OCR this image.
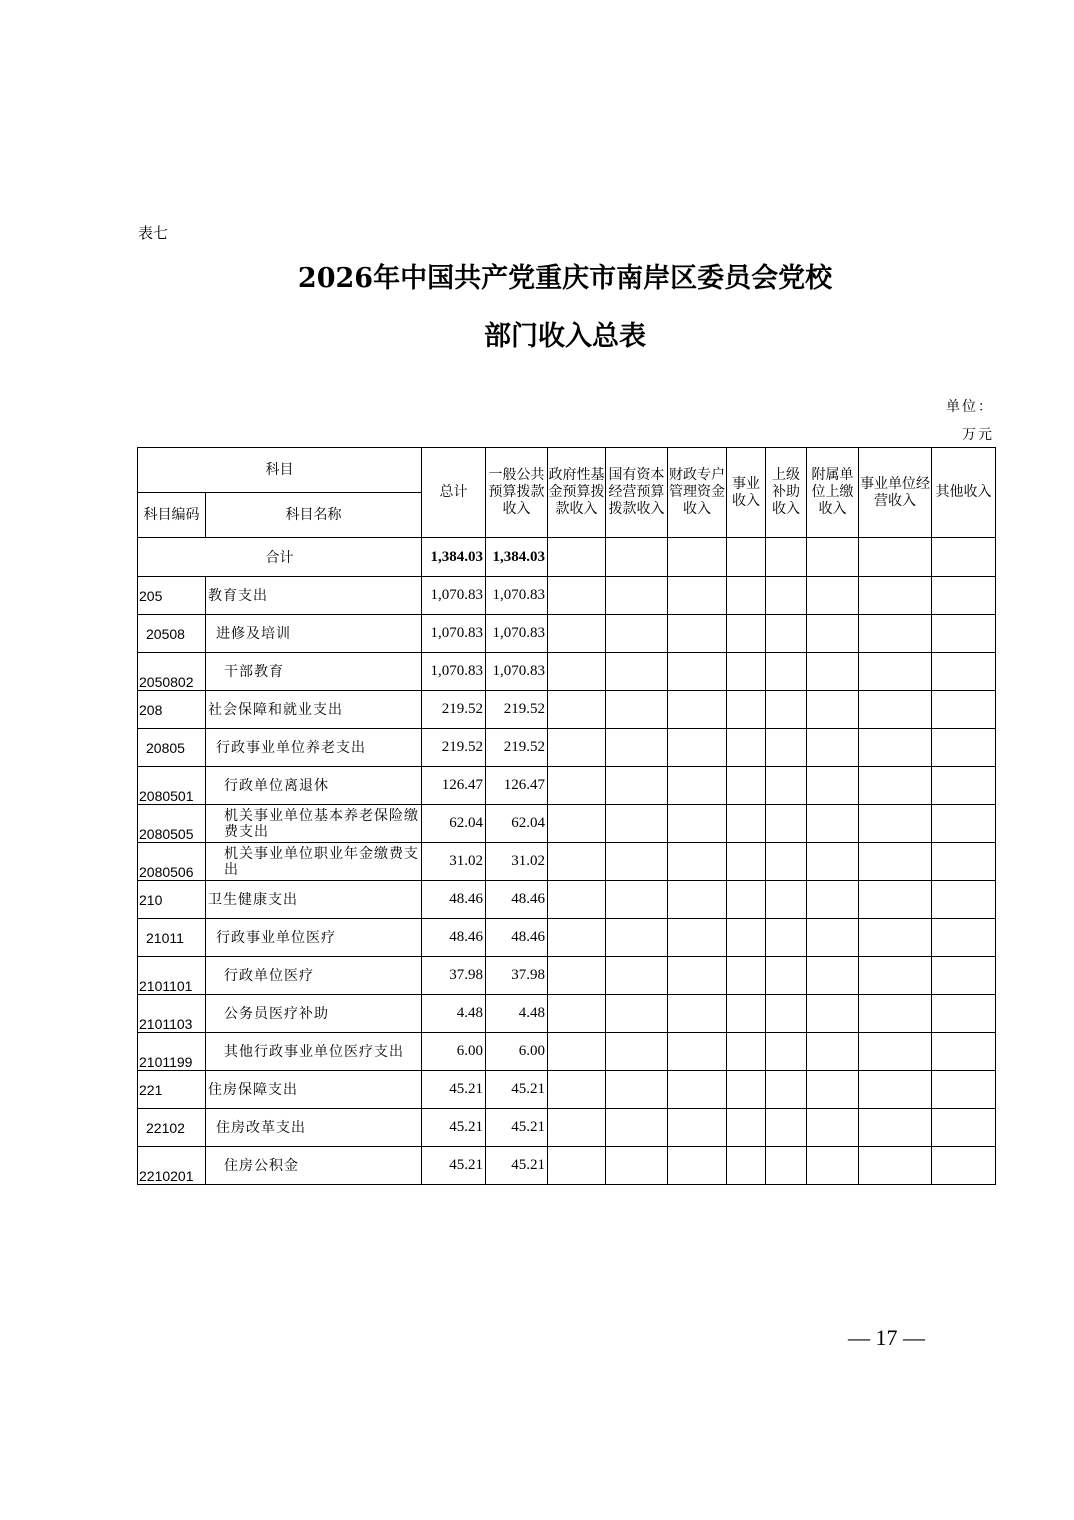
表七
2026年中国共产党重庆市南岸区委员会党校
部门收入总表
单位：
万元
科目		总计	一般公共预算拨款收入	政府性基金预算拨款收入	国有资本经营预算拨款收入	财政专户管理资金收入	事业收入	上级补助收入	附属单位上缴收入	事业单位经营收入	其他收入
科目编码	科目名称										
合计		1,384.03	1,384.03								
205	教育支出	1,070.83	1,070.83								
20508	进修及培训	1,070.83	1,070.83								
2050802	干部教育	1,070.83	1,070.83								
208	社会保障和就业支出	219.52	219.52								
20805	行政事业单位养老支出	219.52	219.52								
2080501	行政单位离退休	126.47	126.47								
2080505	机关事业单位基本养老保险缴费支出	62.04	62.04								
2080506	机关事业单位职业年金缴费支出	31.02	31.02								
210	卫生健康支出	48.46	48.46								
21011	行政事业单位医疗	48.46	48.46								
2101101	行政单位医疗	37.98	37.98								
2101103	公务员医疗补助	4.48	4.48								
2101199	其他行政事业单位医疗支出	6.00	6.00								
221	住房保障支出	45.21	45.21								
22102	住房改革支出	45.21	45.21								
2210201	住房公积金	45.21	45.21								
— 17 —
